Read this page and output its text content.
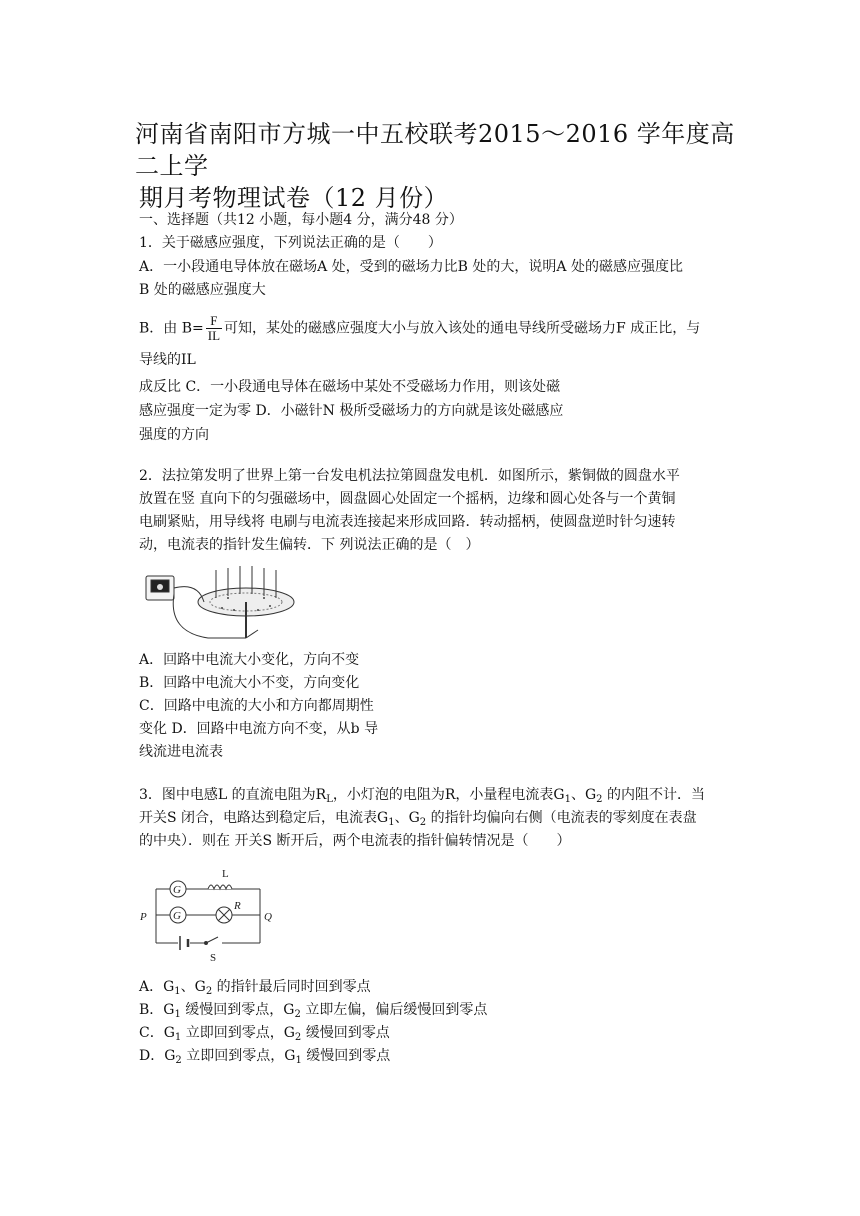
河南省南阳市方城一中五校联考2015～2016 学年度高二上学
期月考物理试卷（12 月份）
一、选择题（共12 小题，每小题4 分，满分48 分）
1．关于磁感应强度，下列说法正确的是（　　）
A．一小段通电导体放在磁场A 处，受到的磁场力比B 处的大，说明A 处的磁感应强度比
B 处的磁感应强度大
B．由 $B= \frac{F}{IL}$ 可知，某处的磁感应强度大小与放入该处的通电导线所受磁场力F 成正比，与
导线的IL
成反比 C．一小段通电导体在磁场中某处不受磁场力作用，则该处磁
感应强度一定为零 D．小磁针N 极所受磁场力的方向就是该处磁感应
强度的方向
2．法拉第发明了世界上第一台发电机法拉第圆盘发电机．如图所示，紫铜做的圆盘水平
放置在竖 直向下的匀强磁场中，圆盘圆心处固定一个摇柄，边缘和圆心处各与一个黄铜
电刷紧贴，用导线将 电刷与电流表连接起来形成回路．转动摇柄，使圆盘逆时针匀速转
动，电流表的指针发生偏转．下 列说法正确的是（　）
A．回路中电流大小变化，方向不变
B．回路中电流大小不变，方向变化
C．回路中电流的大小和方向都周期性
变化 D．回路中电流方向不变，从b 导
线流进电流表
3．图中电感L 的直流电阻为$R_L$，小灯泡的电阻为R，小量程电流表$G_1$、$G_2$ 的内阻不计．当
开关S 闭合，电路达到稳定后，电流表$G_1$、$G_2$ 的指针均偏向右侧（电流表的零刻度在表盘
的中央）．则在 开关S 断开后，两个电流表的指针偏转情况是（　　）
G
G
L
R
P	Q
S
A．$G_1$、$G_2$ 的指针最后同时回到零点
B．$G_1$ 缓慢回到零点，$G_2$ 立即左偏，偏后缓慢回到零点
C．$G_1$ 立即回到零点，$G_2$ 缓慢回到零点
D．$G_2$ 立即回到零点，$G_1$ 缓慢回到零点
